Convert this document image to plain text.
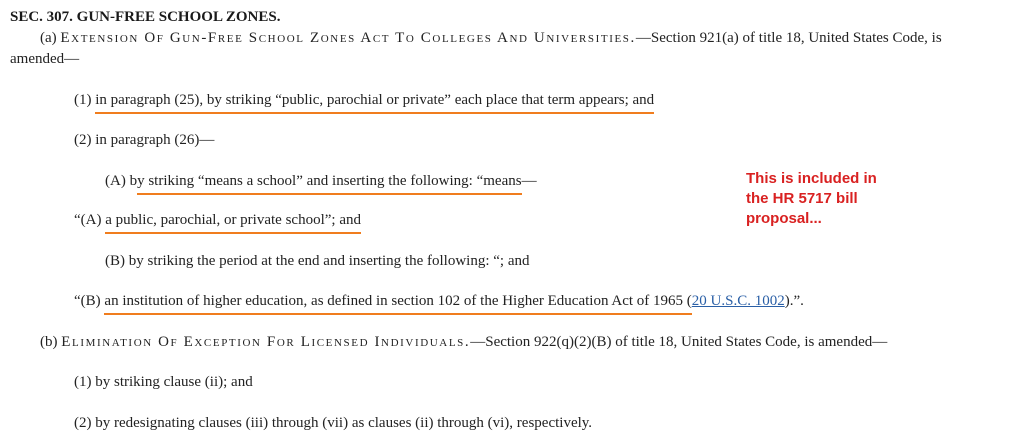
SEC. 307. GUN-FREE SCHOOL ZONES.
(a) Extension Of Gun-Free School Zones Act To Colleges And Universities.—Section 921(a) of title 18, United States Code, is
amended—
(1) in paragraph (25), by striking “public, parochial or private” each place that term appears; and
(2) in paragraph (26)—
(A) by striking “means a school” and inserting the following: “means—
“(A) a public, parochial, or private school”; and
(B) by striking the period at the end and inserting the following: “; and
“(B) an institution of higher education, as defined in section 102 of the Higher Education Act of 1965 (20 U.S.C. 1002).”.
(b) Elimination Of Exception For Licensed Individuals.—Section 922(q)(2)(B) of title 18, United States Code, is amended—
(1) by striking clause (ii); and
(2) by redesignating clauses (iii) through (vii) as clauses (ii) through (vi), respectively.
This is included in
the HR 5717 bill
proposal...
